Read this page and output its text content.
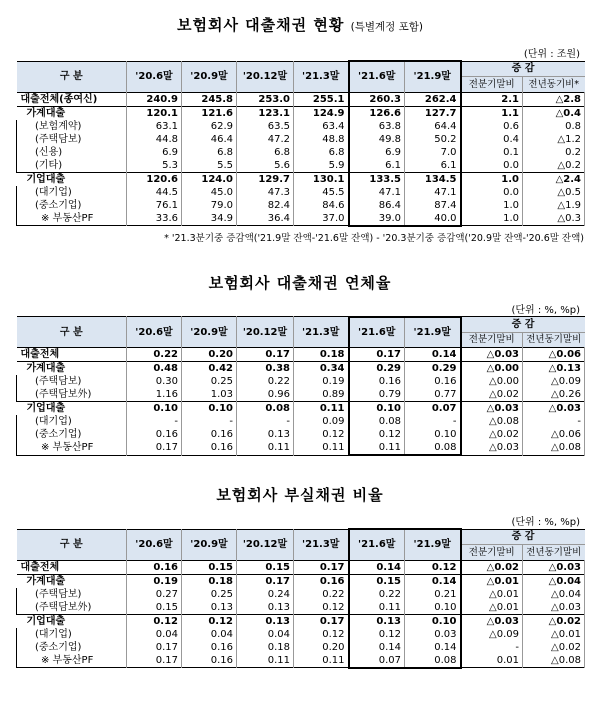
보험회사 대출채권 현황 (특별계정 포함)
(단위 : 조원)
구 분	'20.6말	'20.9말	'20.12말	'21.3말	'21.6말	'21.9말	증 감	
							전분기말비	전년동기비*
대출전체(종여신)	240.9	245.8	253.0	255.1	260.3	262.4	2.1	△2.8
가계대출	120.1	121.6	123.1	124.9	126.6	127.7	1.1	△0.4
(보험계약)	63.1	62.9	63.5	63.4	63.8	64.4	0.6	0.8
(주택담보)	44.8	46.4	47.2	48.8	49.8	50.2	0.4	△1.2
(신용)	6.9	6.8	6.8	6.8	6.9	7.0	0.1	0.2
(기타)	5.3	5.5	5.6	5.9	6.1	6.1	0.0	△0.2
기업대출	120.6	124.0	129.7	130.1	133.5	134.5	1.0	△2.4
(대기업)	44.5	45.0	47.3	45.5	47.1	47.1	0.0	△0.5
(중소기업)	76.1	79.0	82.4	84.6	86.4	87.4	1.0	△1.9
※ 부동산PF	33.6	34.9	36.4	37.0	39.0	40.0	1.0	△0.3
* '21.3분기중 증감액('21.9말 잔액-'21.6말 잔액) - '20.3분기중 증감액('20.9말 잔액-'20.6말 잔액)
보험회사 대출채권 연체율
(단위 : %, %p)
구 분	'20.6말	'20.9말	'20.12말	'21.3말	'21.6말	'21.9말	증 감	
							전분기말비	전년동기말비
대출전체	0.22	0.20	0.17	0.18	0.17	0.14	△0.03	△0.06
가계대출	0.48	0.42	0.38	0.34	0.29	0.29	△0.00	△0.13
(주택담보)	0.30	0.25	0.22	0.19	0.16	0.16	△0.00	△0.09
(주택담보外)	1.16	1.03	0.96	0.89	0.79	0.77	△0.02	△0.26
기업대출	0.10	0.10	0.08	0.11	0.10	0.07	△0.03	△0.03
(대기업)	-	-	-	0.09	0.08	-	△0.08	-
(중소기업)	0.16	0.16	0.13	0.12	0.12	0.10	△0.02	△0.06
※ 부동산PF	0.17	0.16	0.11	0.11	0.11	0.08	△0.03	△0.08
보험회사 부실채권 비율
(단위 : %, %p)
구 분	'20.6말	'20.9말	'20.12말	'21.3말	'21.6말	'21.9말	증 감	
							전분기말비	전년동기말비
대출전체	0.16	0.15	0.15	0.17	0.14	0.12	△0.02	△0.03
가계대출	0.19	0.18	0.17	0.16	0.15	0.14	△0.01	△0.04
(주택담보)	0.27	0.25	0.24	0.22	0.22	0.21	△0.01	△0.04
(주택담보外)	0.15	0.13	0.13	0.12	0.11	0.10	△0.01	△0.03
기업대출	0.12	0.12	0.13	0.17	0.13	0.10	△0.03	△0.02
(대기업)	0.04	0.04	0.04	0.12	0.12	0.03	△0.09	△0.01
(중소기업)	0.17	0.16	0.18	0.20	0.14	0.14	-	△0.02
※ 부동산PF	0.17	0.16	0.11	0.11	0.07	0.08	0.01	△0.08
